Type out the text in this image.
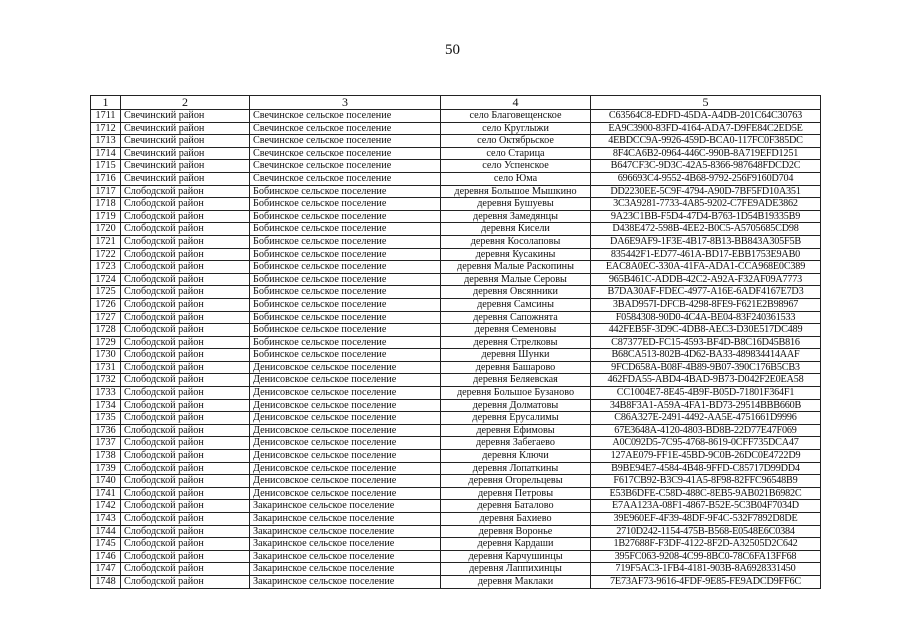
50
1	2	3	4	5
1711	Свечинский район	Свечинское сельское поселение	село Благовещенское	C63564C8-EDFD-45DA-A4DB-201C64C30763
1712	Свечинский район	Свечинское сельское поселение	село Круглыжи	EA9C3900-83FD-4164-ADA7-D9FE84C2ED5E
1713	Свечинский район	Свечинское сельское поселение	село Октябрьское	4EBDCC9A-9926-459D-BCA0-117FC0F385DC
1714	Свечинский район	Свечинское сельское поселение	село Старица	8F4CA6B2-0964-446C-990B-8A719EFD1251
1715	Свечинский район	Свечинское сельское поселение	село Успенское	B647CF3C-9D3C-42A5-8366-987648FDCD2C
1716	Свечинский район	Свечинское сельское поселение	село Юма	696693C4-9552-4B68-9792-256F9160D704
1717	Слободской район	Бобинское сельское поселение	деревня Большое Мышкино	DD2230EE-5C9F-4794-A90D-7BF5FD10A351
1718	Слободской район	Бобинское сельское поселение	деревня Бушуевы	3C3A9281-7733-4A85-9202-C7FE9ADE3862
1719	Слободской район	Бобинское сельское поселение	деревня Замедянцы	9A23C1BB-F5D4-47D4-B763-1D54B19335B9
1720	Слободской район	Бобинское сельское поселение	деревня Кисели	D438E472-598B-4EE2-B0C5-A5705685CD98
1721	Слободской район	Бобинское сельское поселение	деревня Косолаповы	DA6E9AF9-1F3E-4B17-8B13-BB843A305F5B
1722	Слободской район	Бобинское сельское поселение	деревня Кусакины	835442F1-ED77-461A-BD17-EBB1753E9AB0
1723	Слободской район	Бобинское сельское поселение	деревня Малые Раскопины	EAC8A0EC-330A-41FA-ADA1-CCA968E0C389
1724	Слободской район	Бобинское сельское поселение	деревня Малые Серовы	965B461C-ADDB-42C2-A92A-F32AF09A7773
1725	Слободской район	Бобинское сельское поселение	деревня Овсянники	B7DA30AF-FDEC-4977-A16E-6ADF4167E7D3
1726	Слободской район	Бобинское сельское поселение	деревня Самсины	3BAD957I-DFCB-4298-8FE9-F621E2B98967
1727	Слободской район	Бобинское сельское поселение	деревня Сапожнята	F0584308-90D0-4C4A-BE04-83F240361533
1728	Слободской район	Бобинское сельское поселение	деревня Семеновы	442FEB5F-3D9C-4DB8-AEC3-D30E517DC489
1729	Слободской район	Бобинское сельское поселение	деревня Стрелковы	C87377ED-FC15-4593-BF4D-B8C16D45B816
1730	Слободской район	Бобинское сельское поселение	деревня Шунки	B68CA513-802B-4D62-BA33-489834414AAF
1731	Слободской район	Денисовское сельское поселение	деревня Башарово	9FCD658A-B08F-4B89-9B07-390C176B5CB3
1732	Слободской район	Денисовское сельское поселение	деревня Беляевская	462FDA55-ABD4-4BAD-9B73-D042F2E0EA58
1733	Слободской район	Денисовское сельское поселение	деревня Большое Бузаново	CC1004E7-8E45-4B9F-B05D-71801F364F1
1734	Слободской район	Денисовское сельское поселение	деревня Долматовы	34B8F3A1-A59A-4FA1-BD73-29514BBB660B
1735	Слободской район	Денисовское сельское поселение	деревня Ерусалимы	C86A327E-2491-4492-AA5E-4751661D9996
1736	Слободской район	Денисовское сельское поселение	деревня Ефимовы	67E3648A-4120-4803-BD8B-22D77E47F069
1737	Слободской район	Денисовское сельское поселение	деревня Забегаево	A0C092D5-7C95-4768-8619-0CFF735DCA47
1738	Слободской район	Денисовское сельское поселение	деревня Ключи	127AE079-FF1E-45BD-9C0B-26DC0E4722D9
1739	Слободской район	Денисовское сельское поселение	деревня Лопаткины	B9BE94E7-4584-4B48-9FFD-C85717D99DD4
1740	Слободской район	Денисовское сельское поселение	деревня Огорельцевы	F617CB92-B3C9-41A5-8F98-82FFC96548B9
1741	Слободской район	Денисовское сельское поселение	деревня Петровы	E53B6DFE-C58D-488C-8EB5-9AB021B6982C
1742	Слободской район	Закаринское сельское поселение	деревня Баталово	E7AA123A-08F1-4867-B52E-5C3B04F7034D
1743	Слободской район	Закаринское сельское поселение	деревня Бахиево	39E960EF-4F39-48DF-9F4C-532F7892D8DE
1744	Слободской район	Закаринское сельское поселение	деревня Вороньe	2710D242-1154-475B-B568-E0548E6C0384
1745	Слободской район	Закаринское сельское поселение	деревня Кардаши	1B27688F-F3DF-4122-8F2D-A32505D2C642
1746	Слободской район	Закаринское сельское поселение	деревня Карчушинцы	395FC063-9208-4C99-8BC0-78C6FA13FF68
1747	Слободской район	Закаринское сельское поселение	деревня Лаппихинцы	719F5AC3-1FB4-4181-903B-8A6928331450
1748	Слободской район	Закаринское сельское поселение	деревня Маклаки	7E73AF73-9616-4FDF-9E85-FE9ADCD9FF6C
